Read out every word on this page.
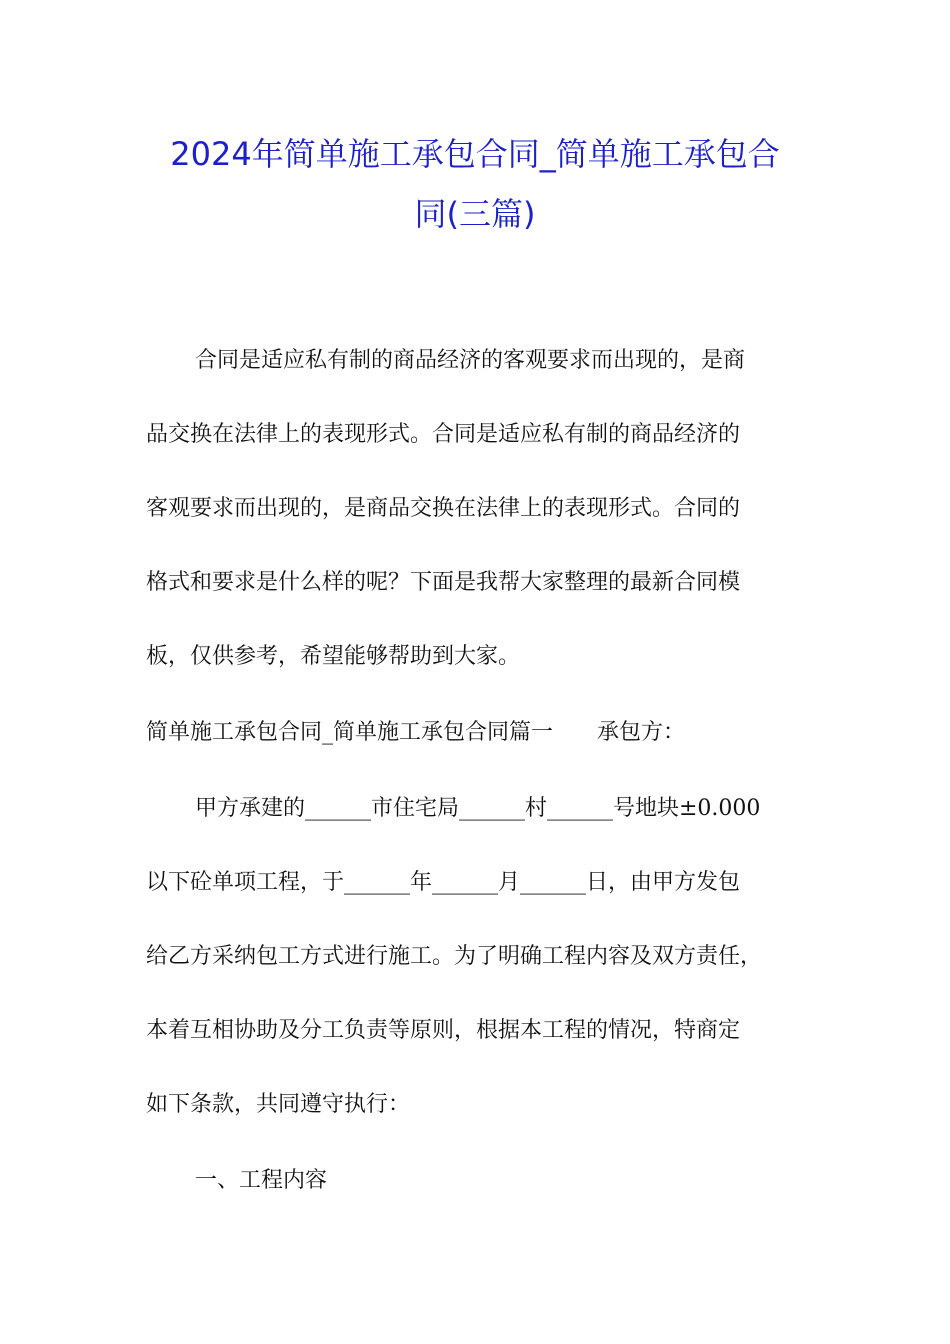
2024年简单施工承包合同_简单施工承包合
同(三篇)

合同是适应私有制的商品经济的客观要求而出现的，是商

品交换在法律上的表现形式。合同是适应私有制的商品经济的

客观要求而出现的，是商品交换在法律上的表现形式。合同的

格式和要求是什么样的呢？下面是我帮大家整理的最新合同模

板，仅供参考，希望能够帮助到大家。

简单施工承包合同_简单施工承包合同篇一 承包方：

甲方承建的______市住宅局______村______号地块±0.000

以下砼单项工程，于______年______月______日，由甲方发包

给乙方采纳包工方式进行施工。为了明确工程内容及双方责任，

本着互相协助及分工负责等原则，根据本工程的情况，特商定

如下条款，共同遵守执行：

一、工程内容
